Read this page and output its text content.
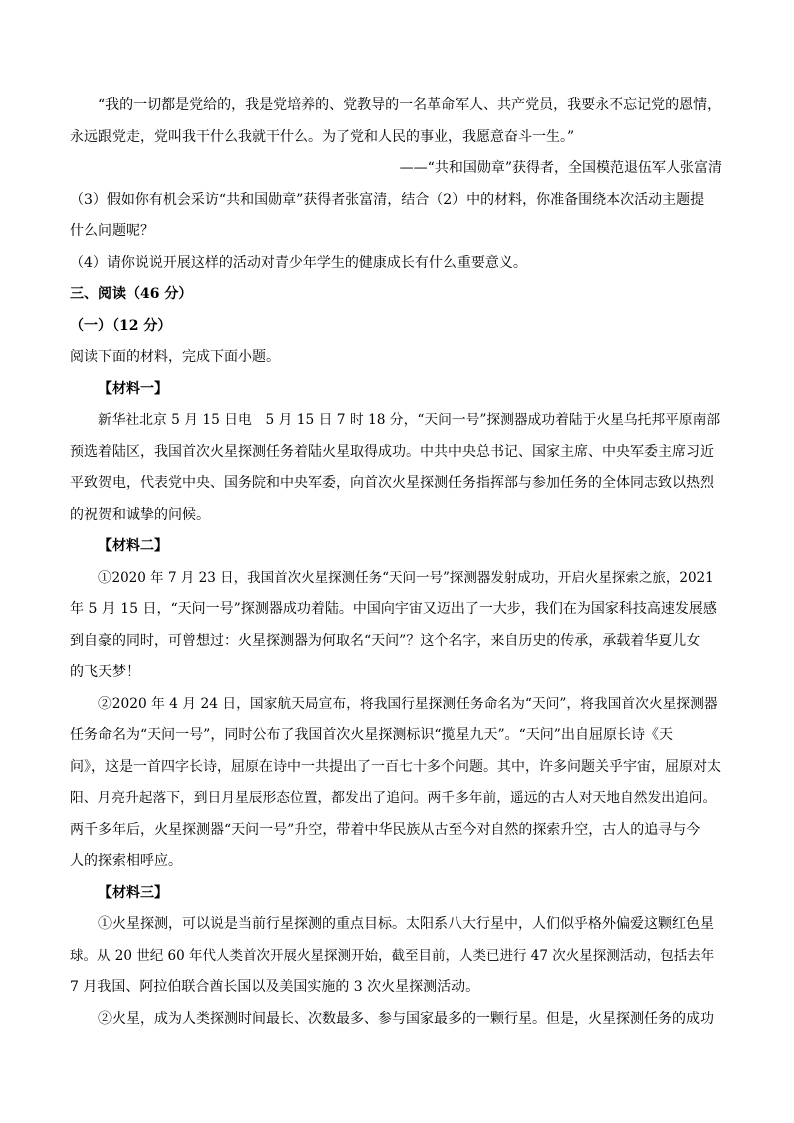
“我的一切都是党给的，我是党培养的、党教导的一名革命军人、共产党员，我要永不忘记党的恩情，
永远跟党走，党叫我干什么我就干什么。为了党和人民的事业，我愿意奋斗一生。”
——“共和国勋章”获得者，全国模范退伍军人张富清
（3）假如你有机会采访“共和国勋章”获得者张富清，结合（2）中的材料，你准备围绕本次活动主题提
什么问题呢？
（4）请你说说开展这样的活动对青少年学生的健康成长有什么重要意义。
三、阅读（46 分）
（一）（12 分）
阅读下面的材料，完成下面小题。
【材料一】
新华社北京 5 月 15 日电　5 月 15 日 7 时 18 分，“天问一号”探测器成功着陆于火星乌托邦平原南部
预选着陆区，我国首次火星探测任务着陆火星取得成功。中共中央总书记、国家主席、中央军委主席习近
平致贺电，代表党中央、国务院和中央军委，向首次火星探测任务指挥部与参加任务的全体同志致以热烈
的祝贺和诚挚的问候。
【材料二】
①2020 年 7 月 23 日，我国首次火星探测任务“天问一号”探测器发射成功，开启火星探索之旅，2021
年 5 月 15 日，“天问一号”探测器成功着陆。中国向宇宙又迈出了一大步，我们在为国家科技高速发展感
到自豪的同时，可曾想过：火星探测器为何取名“天问”？这个名字，来自历史的传承，承载着华夏儿女
的飞天梦！
②2020 年 4 月 24 日，国家航天局宣布，将我国行星探测任务命名为“天问”，将我国首次火星探测器
任务命名为“天问一号”，同时公布了我国首次火星探测标识“揽星九天”。“天问”出自屈原长诗《天
问》，这是一首四字长诗，屈原在诗中一共提出了一百七十多个问题。其中，许多问题关乎宇宙，屈原对太
阳、月亮升起落下，到日月星辰形态位置，都发出了追问。两千多年前，遥远的古人对天地自然发出追问。
两千多年后，火星探测器“天问一号”升空，带着中华民族从古至今对自然的探索升空，古人的追寻与今
人的探索相呼应。
【材料三】
①火星探测，可以说是当前行星探测的重点目标。太阳系八大行星中，人们似乎格外偏爱这颗红色星
球。从 20 世纪 60 年代人类首次开展火星探测开始，截至目前，人类已进行 47 次火星探测活动，包括去年
7 月我国、阿拉伯联合酋长国以及美国实施的 3 次火星探测活动。
②火星，成为人类探测时间最长、次数最多、参与国家最多的一颗行星。但是，火星探测任务的成功
